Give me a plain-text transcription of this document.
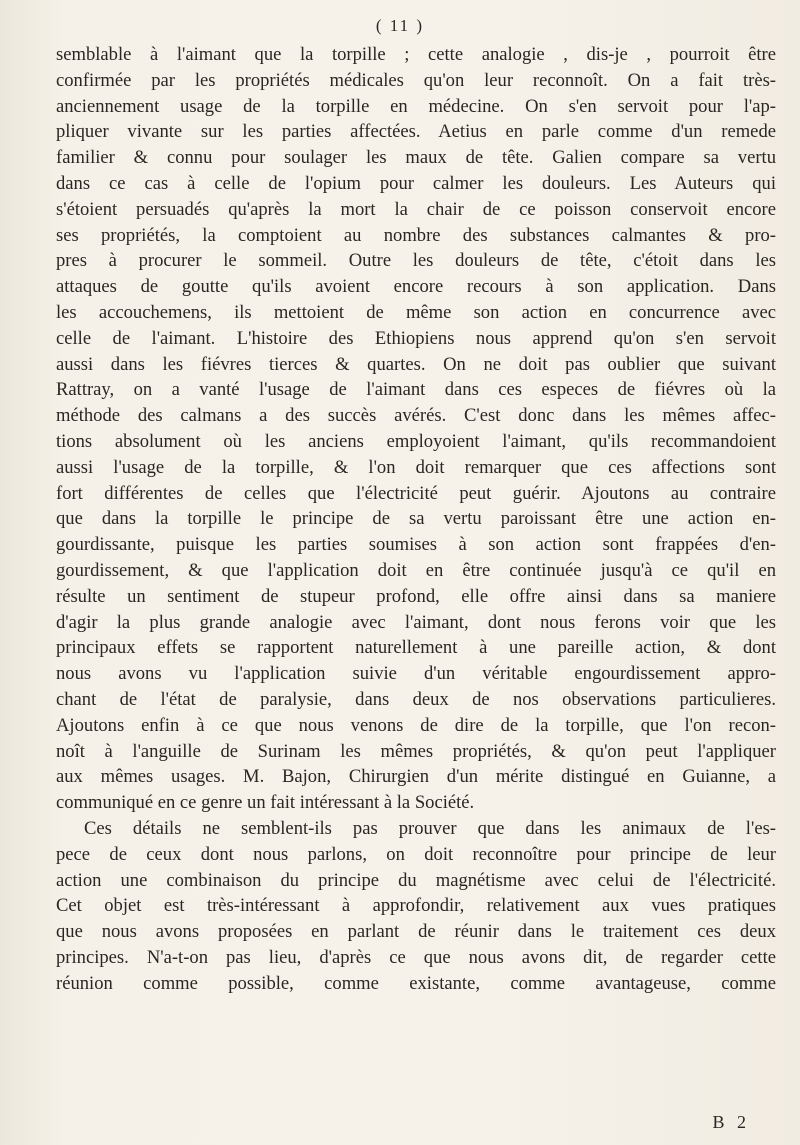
( 11 )

semblable à l'aimant que la torpille ; cette analogie , dis-je , pourroit être
confirmée par les propriétés médicales qu'on leur reconnoît. On a fait très-
anciennement usage de la torpille en médecine. On s'en servoit pour l'ap-
pliquer vivante sur les parties affectées. Aetius en parle comme d'un remede
familier & connu pour soulager les maux de tête. Galien compare sa vertu
dans ce cas à celle de l'opium pour calmer les douleurs. Les Auteurs qui
s'étoient persuadés qu'après la mort la chair de ce poisson conservoit encore
ses propriétés, la comptoient au nombre des substances calmantes & pro-
pres à procurer le sommeil. Outre les douleurs de tête, c'étoit dans les
attaques de goutte qu'ils avoient encore recours à son application. Dans
les accouchemens, ils mettoient de même son action en concurrence avec
celle de l'aimant. L'histoire des Ethiopiens nous apprend qu'on s'en servoit
aussi dans les fiévres tierces & quartes. On ne doit pas oublier que suivant
Rattray, on a vanté l'usage de l'aimant dans ces especes de fiévres où la
méthode des calmans a des succès avérés. C'est donc dans les mêmes affec-
tions absolument où les anciens employoient l'aimant, qu'ils recommandoient
aussi l'usage de la torpille, & l'on doit remarquer que ces affections sont
fort différentes de celles que l'électricité peut guérir. Ajoutons au contraire
que dans la torpille le principe de sa vertu paroissant être une action en-
gourdissante, puisque les parties soumises à son action sont frappées d'en-
gourdissement, & que l'application doit en être continuée jusqu'à ce qu'il en
résulte un sentiment de stupeur profond, elle offre ainsi dans sa maniere
d'agir la plus grande analogie avec l'aimant, dont nous ferons voir que les
principaux effets se rapportent naturellement à une pareille action, & dont
nous avons vu l'application suivie d'un véritable engourdissement appro-
chant de l'état de paralysie, dans deux de nos observations particulieres.
Ajoutons enfin à ce que nous venons de dire de la torpille, que l'on recon-
noît à l'anguille de Surinam les mêmes propriétés, & qu'on peut l'appliquer
aux mêmes usages. M. Bajon, Chirurgien d'un mérite distingué en Guianne, a
communiqué en ce genre un fait intéressant à la Société.

Ces détails ne semblent-ils pas prouver que dans les animaux de l'es-
pece de ceux dont nous parlons, on doit reconnoître pour principe de leur
action une combinaison du principe du magnétisme avec celui de l'électricité.
Cet objet est très-intéressant à approfondir, relativement aux vues pratiques
que nous avons proposées en parlant de réunir dans le traitement ces deux
principes. N'a-t-on pas lieu, d'après ce que nous avons dit, de regarder cette
réunion comme possible, comme existante, comme avantageuse, comme

B 2
